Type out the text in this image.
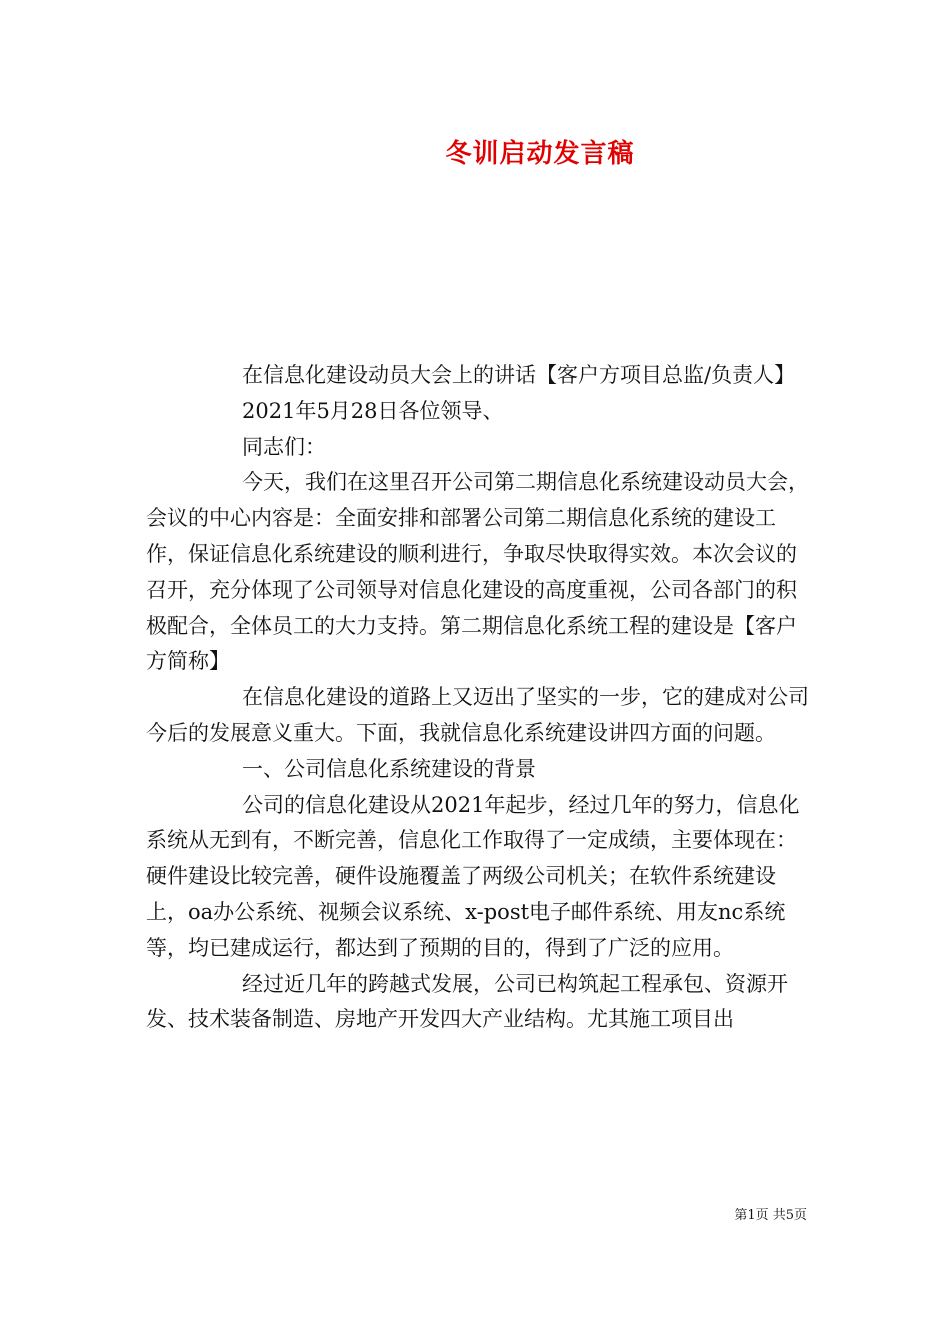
冬训启动发言稿

在信息化建设动员大会上的讲话【客户方项目总监/负责人】

2021年5月28日各位领导、

同志们：

今天，我们在这里召开公司第二期信息化系统建设动员大会，会议的中心内容是：全面安排和部署公司第二期信息化系统的建设工作，保证信息化系统建设的顺利进行，争取尽快取得实效。本次会议的召开，充分体现了公司领导对信息化建设的高度重视，公司各部门的积极配合，全体员工的大力支持。第二期信息化系统工程的建设是【客户方简称】

在信息化建设的道路上又迈出了坚实的一步，它的建成对公司今后的发展意义重大。下面，我就信息化系统建设讲四方面的问题。

一、公司信息化系统建设的背景

公司的信息化建设从2021年起步，经过几年的努力，信息化系统从无到有，不断完善，信息化工作取得了一定成绩，主要体现在：硬件建设比较完善，硬件设施覆盖了两级公司机关；在软件系统建设上，oa办公系统、视频会议系统、x-post电子邮件系统、用友nc系统等，均已建成运行，都达到了预期的目的，得到了广泛的应用。

经过近几年的跨越式发展，公司已构筑起工程承包、资源开发、技术装备制造、房地产开发四大产业结构。尤其施工项目出

第1页 共5页
